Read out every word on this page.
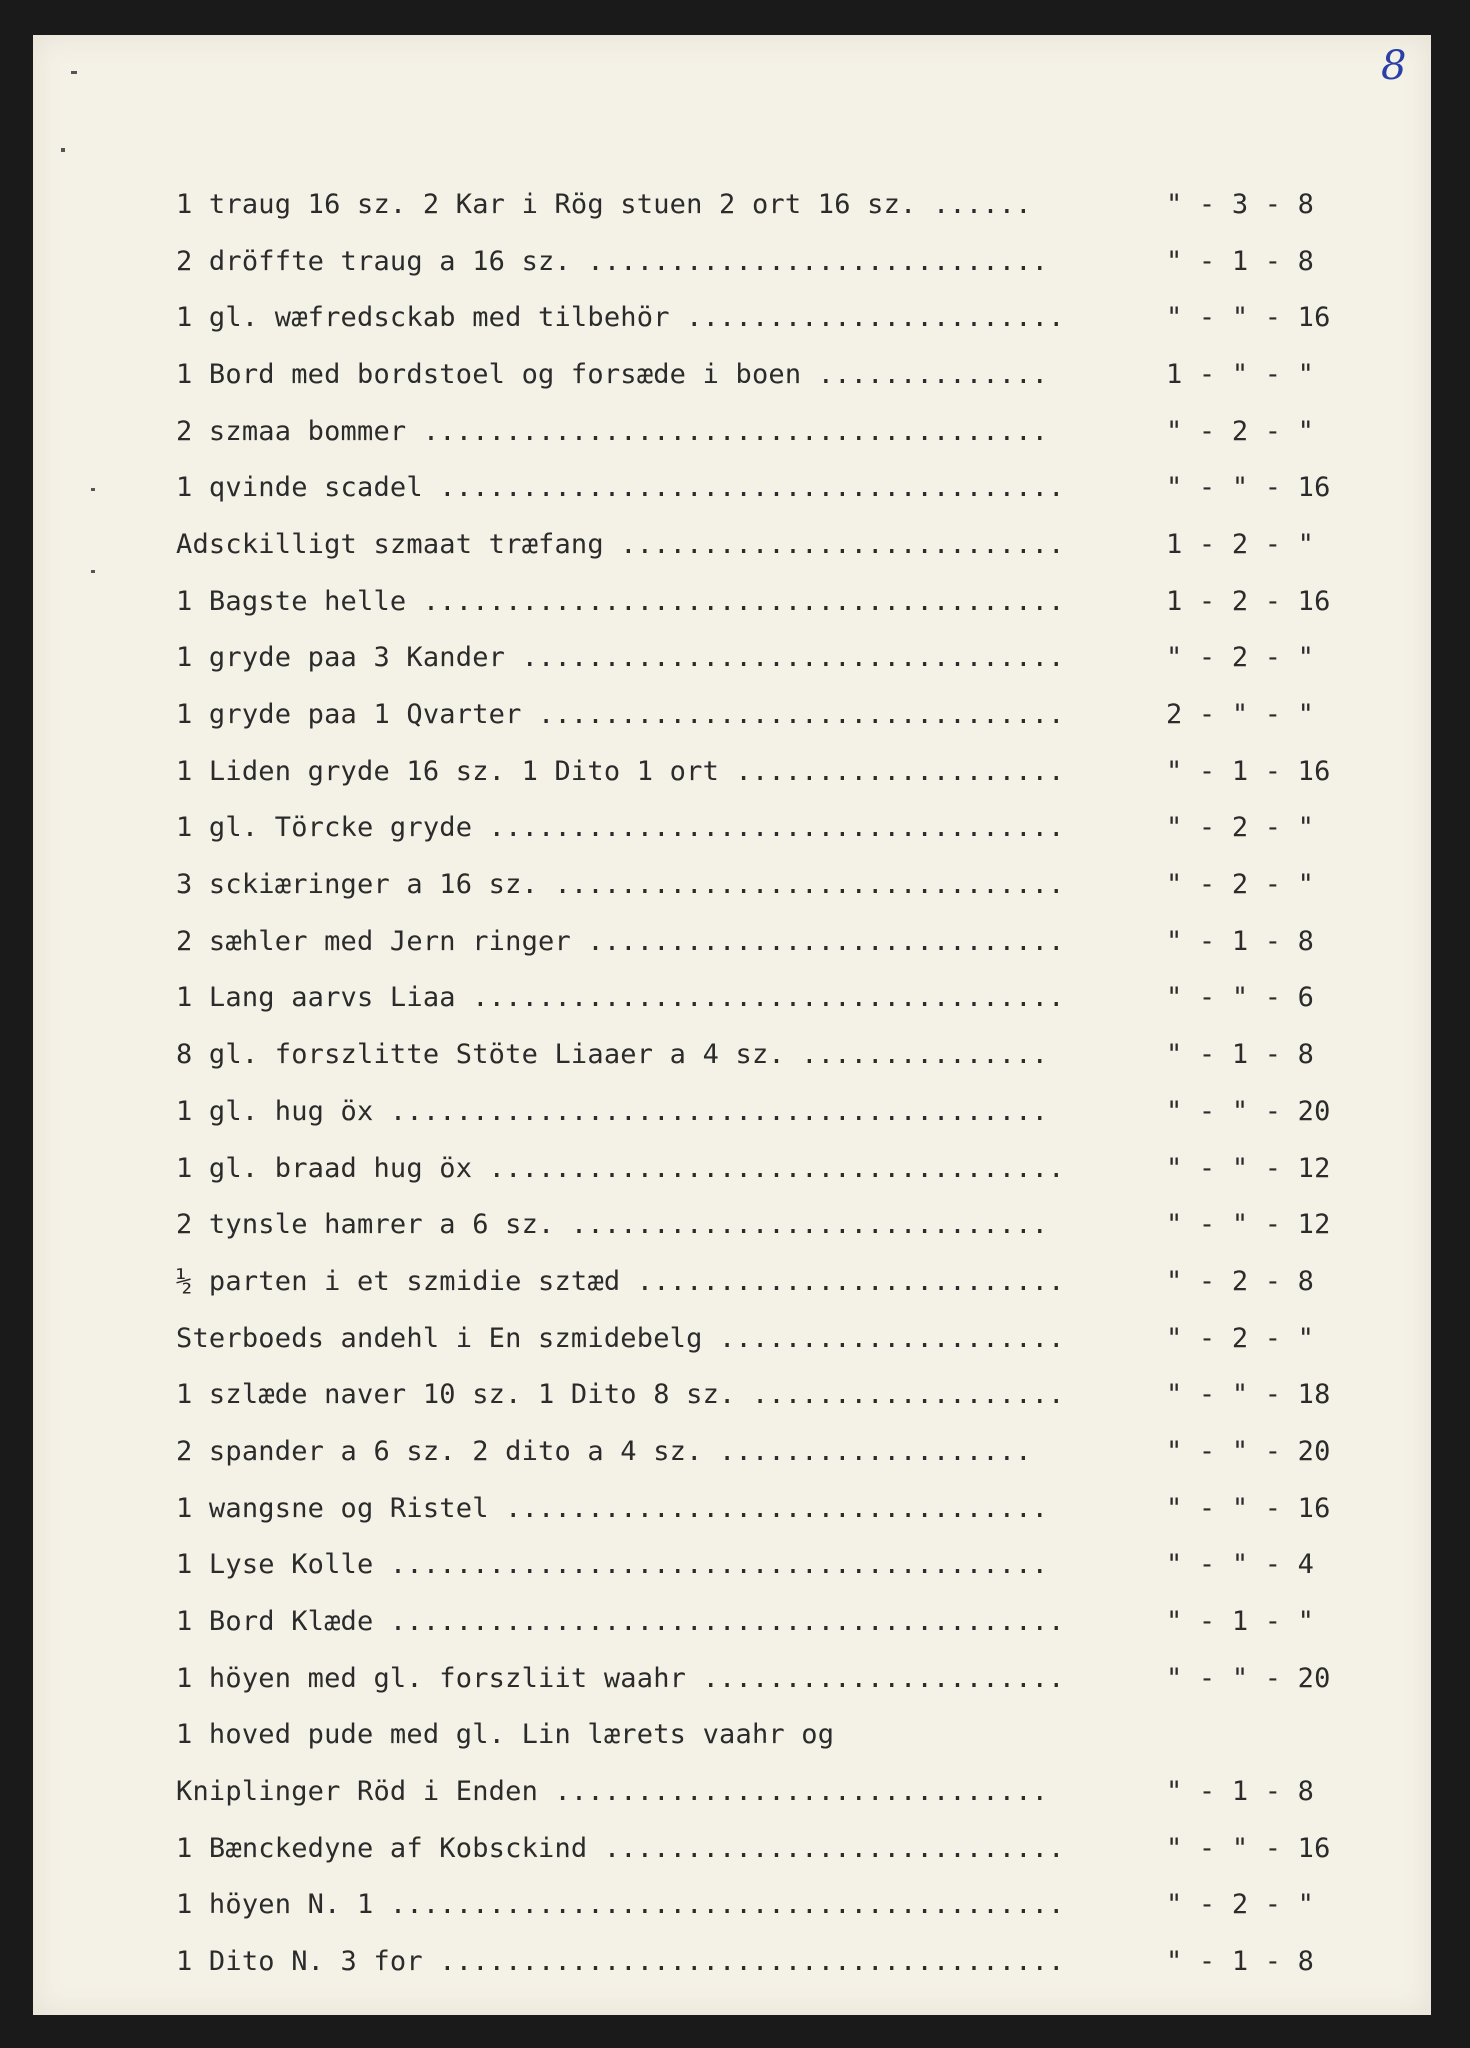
8
1 traug 16 sz. 2 Kar i Rög stuen 2 ort 16 sz. ......	" - 3 - 8
2 dröffte traug a 16 sz. ............................	" - 1 - 8
1 gl. wæfredsckab med tilbehör .......................	" - " - 16
1 Bord med bordstoel og forsæde i boen ..............	1 - " - "
2 szmaa bommer ......................................	" - 2 - "
1 qvinde scadel ......................................	" - " - 16
Adsckilligt szmaat træfang ...........................	1 - 2 - "
1 Bagste helle .......................................	1 - 2 - 16
1 gryde paa 3 Kander .................................	" - 2 - "
1 gryde paa 1 Qvarter ................................	2 - " - "
1 Liden gryde 16 sz. 1 Dito 1 ort ....................	" - 1 - 16
1 gl. Törcke gryde ...................................	" - 2 - "
3 sckiæringer a 16 sz. ...............................	" - 2 - "
2 sæhler med Jern ringer .............................	" - 1 - 8
1 Lang aarvs Liaa ....................................	" - " - 6
8 gl. forszlitte Stöte Liaaer a 4 sz. ...............	" - 1 - 8
1 gl. hug öx ........................................	" - " - 20
1 gl. braad hug öx ...................................	" - " - 12
2 tynsle hamrer a 6 sz. .............................	" - " - 12
½ parten i et szmidie sztæd ..........................	" - 2 - 8
Sterboeds andehl i En szmidebelg .....................	" - 2 - "
1 szlæde naver 10 sz. 1 Dito 8 sz. ...................	" - " - 18
2 spander a 6 sz. 2 dito a 4 sz. ...................	" - " - 20
1 wangsne og Ristel .................................	" - " - 16
1 Lyse Kolle ........................................	" - " - 4
1 Bord Klæde .........................................	" - 1 - "
1 höyen med gl. forszliit waahr ......................	" - " - 20
1 hoved pude med gl. Lin lærets vaahr og
Kniplinger Röd i Enden ..............................	" - 1 - 8
1 Bænckedyne af Kobsckind ............................	" - " - 16
1 höyen N. 1 .........................................	" - 2 - "
1 Dito N. 3 for ......................................	" - 1 - 8
